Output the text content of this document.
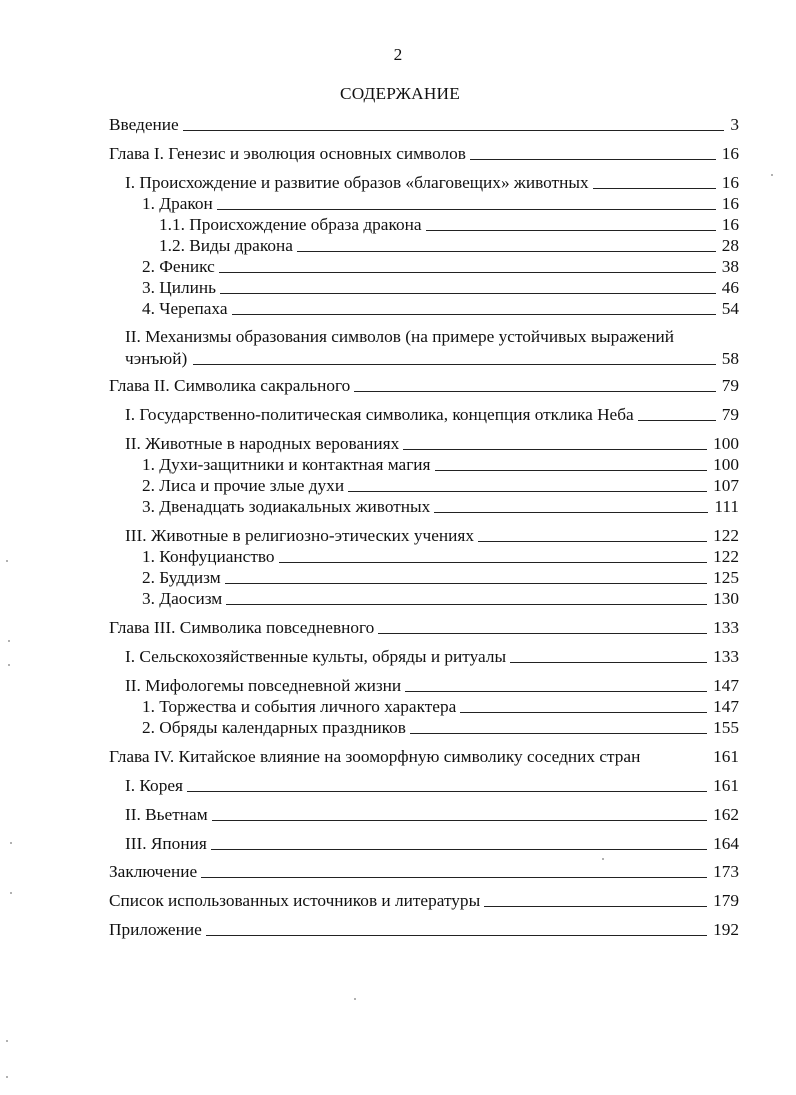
2
СОДЕРЖАНИЕ
Введение	3
Глава I. Генезис и эволюция основных символов	16
I. Происхождение и развитие образов «благовещих» животных	16
1. Дракон	16
1.1. Происхождение образа дракона	16
1.2. Виды дракона	28
2. Феникс	38
3. Цилинь	46
4. Черепаха	54
II. Механизмы образования символов (на примере устойчивых выражений
чэнъюй)	58
Глава II. Символика сакрального	79
I. Государственно-политическая символика, концепция отклика Неба	79
II. Животные в народных верованиях	100
1. Духи-защитники и контактная магия	100
2. Лиса и прочие злые духи	107
3. Двенадцать зодиакальных животных	111
III. Животные в религиозно-этических учениях	122
1. Конфуцианство	122
2. Буддизм	125
3. Даосизм	130
Глава III. Символика повседневного	133
I. Сельскохозяйственные культы, обряды и ритуалы	133
II. Мифологемы повседневной жизни	147
1. Торжества и события личного характера	147
2. Обряды календарных праздников	155
Глава IV. Китайское влияние на зооморфную символику соседних стран	161
I. Корея	161
II. Вьетнам	162
III. Япония	164
Заключение	173
Список использованных источников и литературы	179
Приложение	192
